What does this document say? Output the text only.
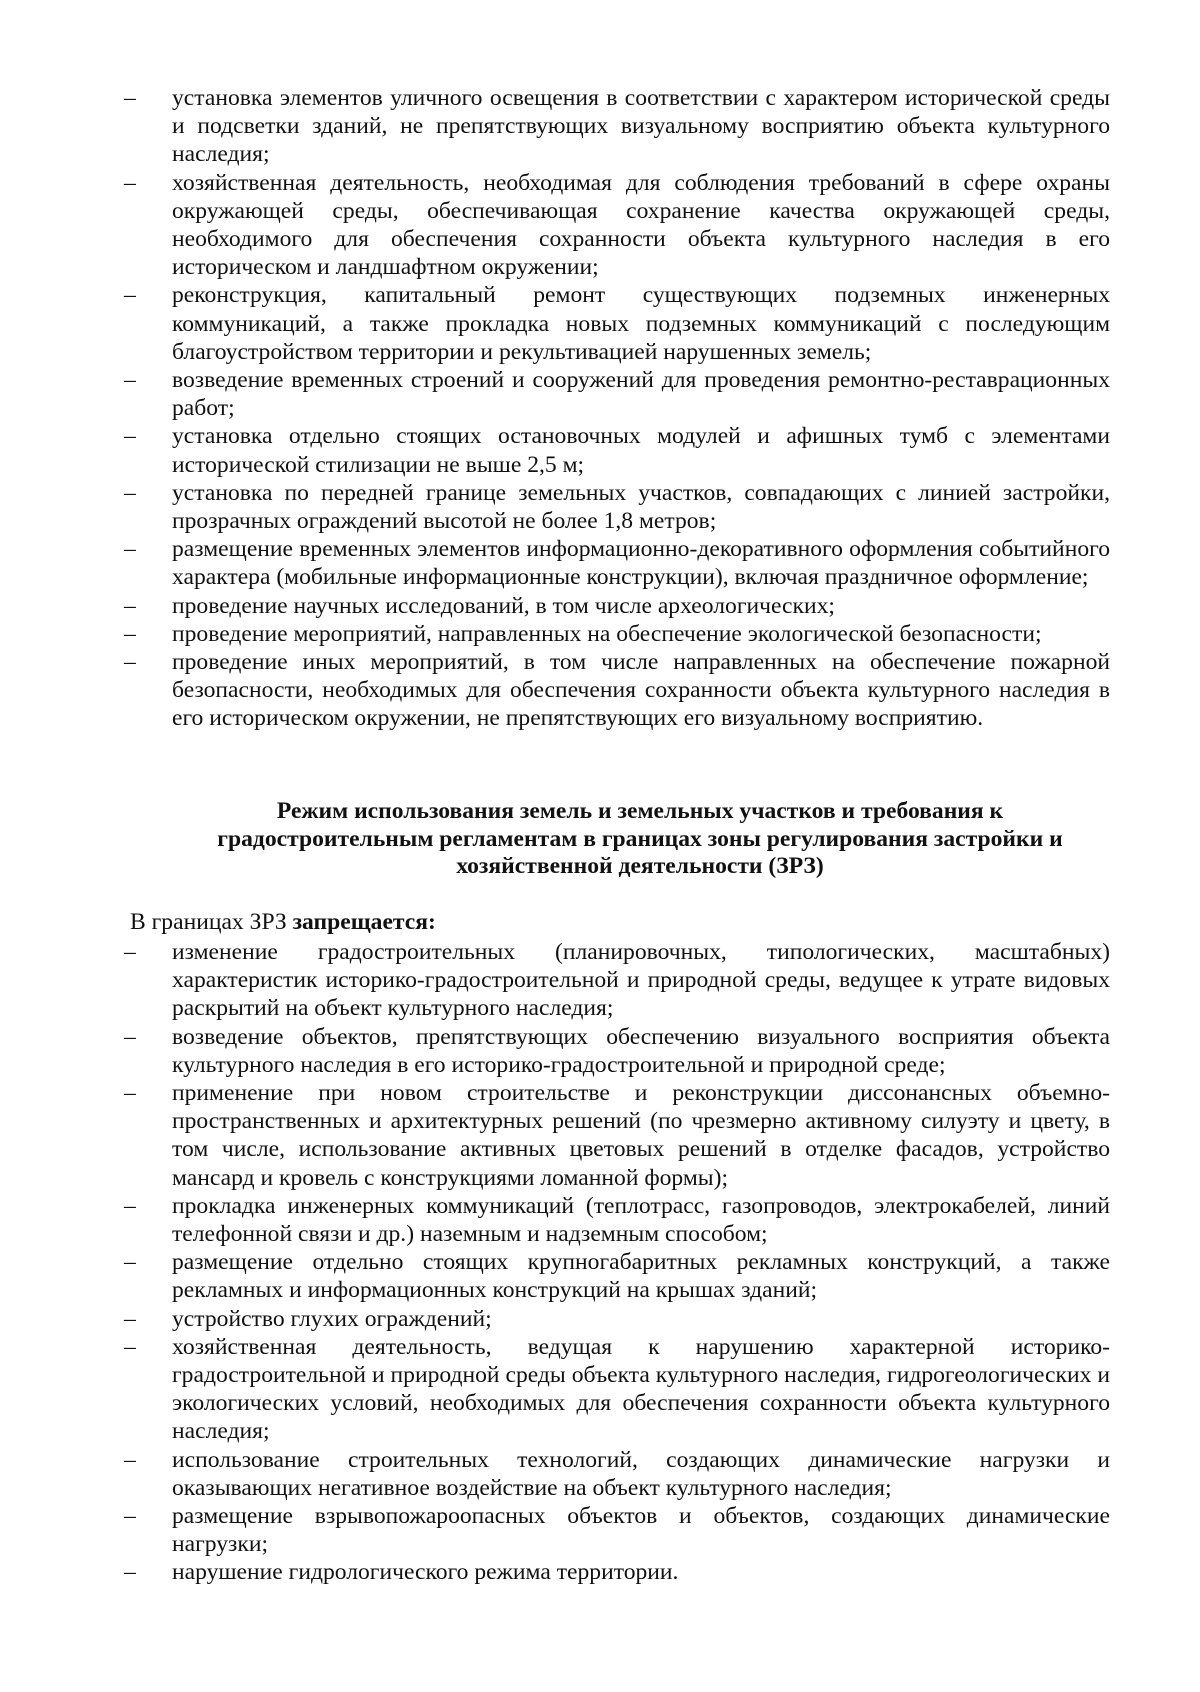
–	установка элементов уличного освещения в соответствии с характером исторической среды и подсветки зданий, не препятствующих визуальному восприятию объекта культурного наследия;
–	хозяйственная деятельность, необходимая для соблюдения требований в сфере охраны окружающей среды, обеспечивающая сохранение качества окружающей среды, необходимого для обеспечения сохранности объекта культурного наследия в его историческом и ландшафтном окружении;
–	реконструкция, капитальный ремонт существующих подземных инженерных коммуникаций, а также прокладка новых подземных коммуникаций с последующим благоустройством территории и рекультивацией нарушенных земель;
–	возведение временных строений и сооружений для проведения ремонтно-реставрационных работ;
–	установка отдельно стоящих остановочных модулей и афишных тумб с элементами исторической стилизации не выше 2,5 м;
–	установка по передней границе земельных участков, совпадающих с линией застройки, прозрачных ограждений высотой не более 1,8 метров;
–	размещение временных элементов информационно-декоративного оформления событийного характера (мобильные информационные конструкции), включая праздничное оформление;
–	проведение научных исследований, в том числе археологических;
–	проведение мероприятий, направленных на обеспечение экологической безопасности;
–	проведение иных мероприятий, в том числе направленных на обеспечение пожарной безопасности, необходимых для обеспечения сохранности объекта культурного наследия в его историческом окружении, не препятствующих его визуальному восприятию.
Режим использования земель и земельных участков и требования к
градостроительным регламентам в границах зоны регулирования застройки и
хозяйственной деятельности (ЗРЗ)

В границах ЗРЗ запрещается:

–	изменение градостроительных (планировочных, типологических, масштабных) характеристик историко-градостроительной и природной среды, ведущее к утрате видовых раскрытий на объект культурного наследия;
–	возведение объектов, препятствующих обеспечению визуального восприятия объекта культурного наследия в его историко-градостроительной и природной среде;
–	применение при новом строительстве и реконструкции диссонансных объемно-пространственных и архитектурных решений (по чрезмерно активному силуэту и цвету, в том числе, использование активных цветовых решений в отделке фасадов, устройство мансард и кровель с конструкциями ломанной формы);
–	прокладка инженерных коммуникаций (теплотрасс, газопроводов, электрокабелей, линий телефонной связи и др.) наземным и надземным способом;
–	размещение отдельно стоящих крупногабаритных рекламных конструкций, а также рекламных и информационных конструкций на крышах зданий;
–	устройство глухих ограждений;
–	хозяйственная деятельность, ведущая к нарушению характерной историко-градостроительной и природной среды объекта культурного наследия, гидрогеологических и экологических условий, необходимых для обеспечения сохранности объекта культурного наследия;
–	использование строительных технологий, создающих динамические нагрузки и оказывающих негативное воздействие на объект культурного наследия;
–	размещение взрывопожароопасных объектов и объектов, создающих динамические нагрузки;
–	нарушение гидрологического режима территории.
